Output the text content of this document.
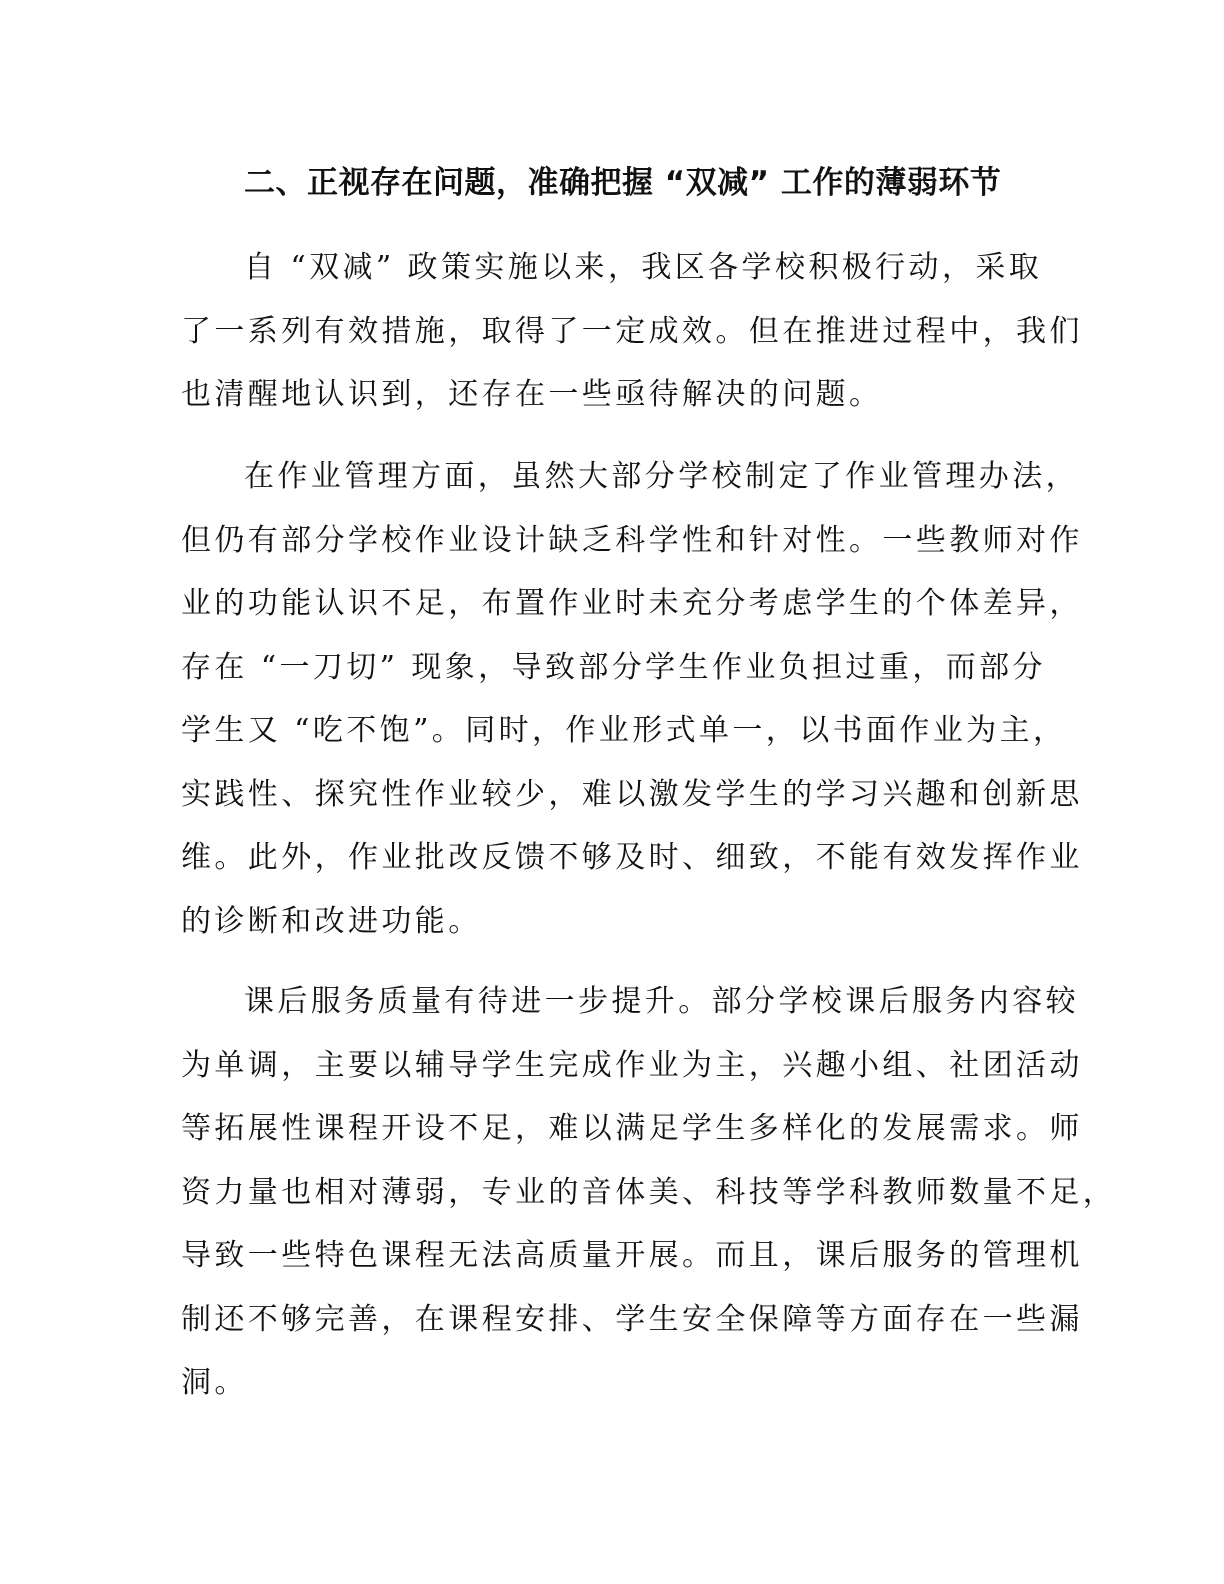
二、正视存在问题，准确把握 “双减” 工作的薄弱环节
自 “双减” 政策实施以来，我区各学校积极行动，采取
了一系列有效措施，取得了一定成效。但在推进过程中，我们
也清醒地认识到，还存在一些亟待解决的问题。
在作业管理方面，虽然大部分学校制定了作业管理办法，
但仍有部分学校作业设计缺乏科学性和针对性。一些教师对作
业的功能认识不足，布置作业时未充分考虑学生的个体差异，
存在 “一刀切” 现象，导致部分学生作业负担过重，而部分
学生又 “吃不饱”。同时，作业形式单一，以书面作业为主，
实践性、探究性作业较少，难以激发学生的学习兴趣和创新思
维。此外，作业批改反馈不够及时、细致，不能有效发挥作业
的诊断和改进功能。
课后服务质量有待进一步提升。部分学校课后服务内容较
为单调，主要以辅导学生完成作业为主，兴趣小组、社团活动
等拓展性课程开设不足，难以满足学生多样化的发展需求。师
资力量也相对薄弱，专业的音体美、科技等学科教师数量不足，
导致一些特色课程无法高质量开展。而且，课后服务的管理机
制还不够完善，在课程安排、学生安全保障等方面存在一些漏
洞。
